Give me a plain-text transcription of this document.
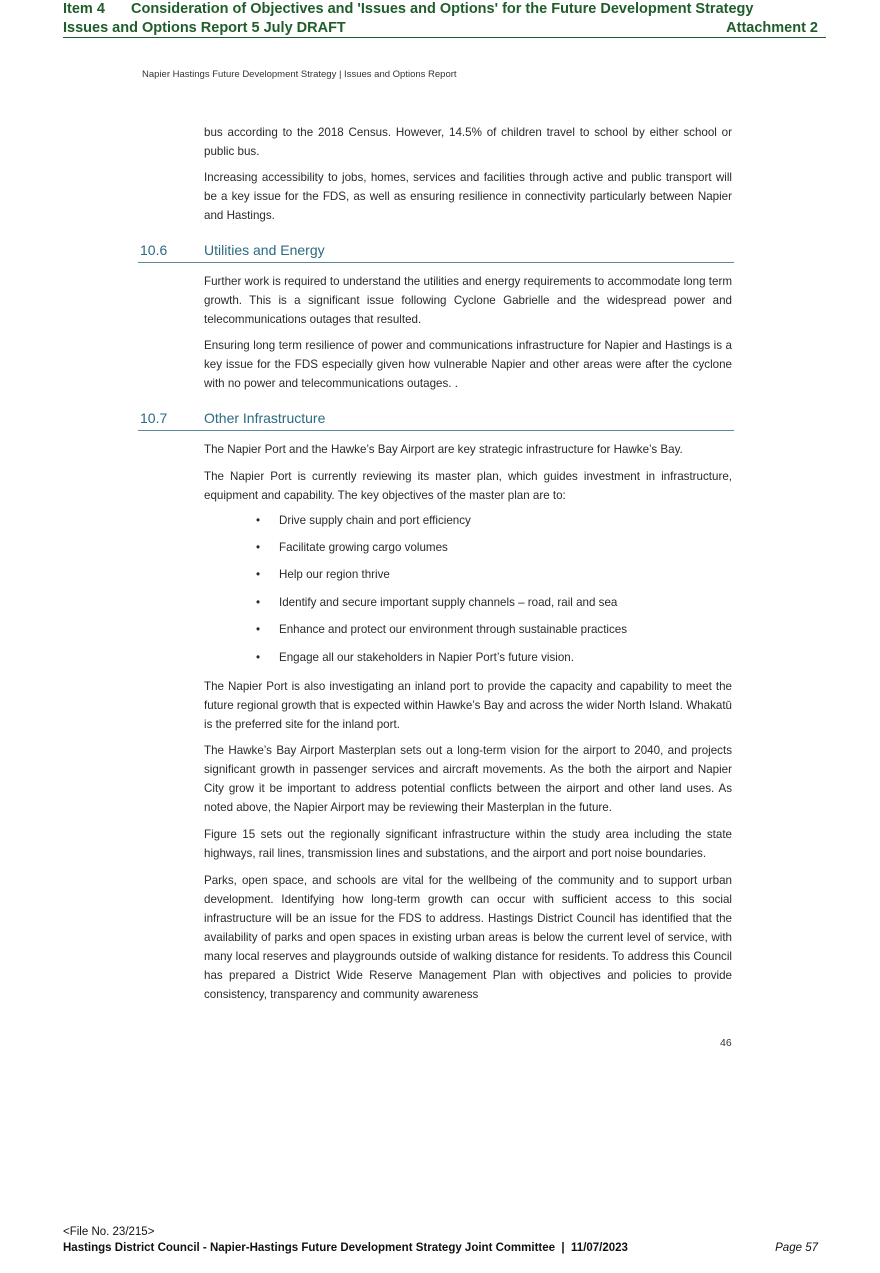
Item 4 Consideration of Objectives and 'Issues and Options' for the Future Development Strategy
Issues and Options Report 5 July DRAFT	Attachment 2
Napier Hastings Future Development Strategy | Issues and Options Report

bus according to the 2018 Census. However, 14.5% of children travel to school by either school or public bus.

Increasing accessibility to jobs, homes, services and facilities through active and public transport will be a key issue for the FDS, as well as ensuring resilience in connectivity particularly between Napier and Hastings.

10.6	Utilities and Energy

Further work is required to understand the utilities and energy requirements to accommodate long term growth. This is a significant issue following Cyclone Gabrielle and the widespread power and telecommunications outages that resulted.

Ensuring long term resilience of power and communications infrastructure for Napier and Hastings is a key issue for the FDS especially given how vulnerable Napier and other areas were after the cyclone with no power and telecommunications outages. .

10.7	Other Infrastructure

The Napier Port and the Hawke’s Bay Airport are key strategic infrastructure for Hawke’s Bay.

The Napier Port is currently reviewing its master plan, which guides investment in infrastructure, equipment and capability. The key objectives of the master plan are to:

• Drive supply chain and port efficiency
• Facilitate growing cargo volumes
• Help our region thrive
• Identify and secure important supply channels – road, rail and sea
• Enhance and protect our environment through sustainable practices
• Engage all our stakeholders in Napier Port’s future vision.

The Napier Port is also investigating an inland port to provide the capacity and capability to meet the future regional growth that is expected within Hawke’s Bay and across the wider North Island. Whakatū is the preferred site for the inland port.

The Hawke’s Bay Airport Masterplan sets out a long-term vision for the airport to 2040, and projects significant growth in passenger services and aircraft movements. As the both the airport and Napier City grow it be important to address potential conflicts between the airport and other land uses. As noted above, the Napier Airport may be reviewing their Masterplan in the future.

Figure 15 sets out the regionally significant infrastructure within the study area including the state highways, rail lines, transmission lines and substations, and the airport and port noise boundaries.

Parks, open space, and schools are vital for the wellbeing of the community and to support urban development. Identifying how long-term growth can occur with sufficient access to this social infrastructure will be an issue for the FDS to address. Hastings District Council has identified that the availability of parks and open spaces in existing urban areas is below the current level of service, with many local reserves and playgrounds outside of walking distance for residents. To address this Council has prepared a District Wide Reserve Management Plan with objectives and policies to provide consistency, transparency and community awareness

46
<File No. 23/215>
Hastings District Council - Napier-Hastings Future Development Strategy Joint Committee | 11/07/2023	Page 57
